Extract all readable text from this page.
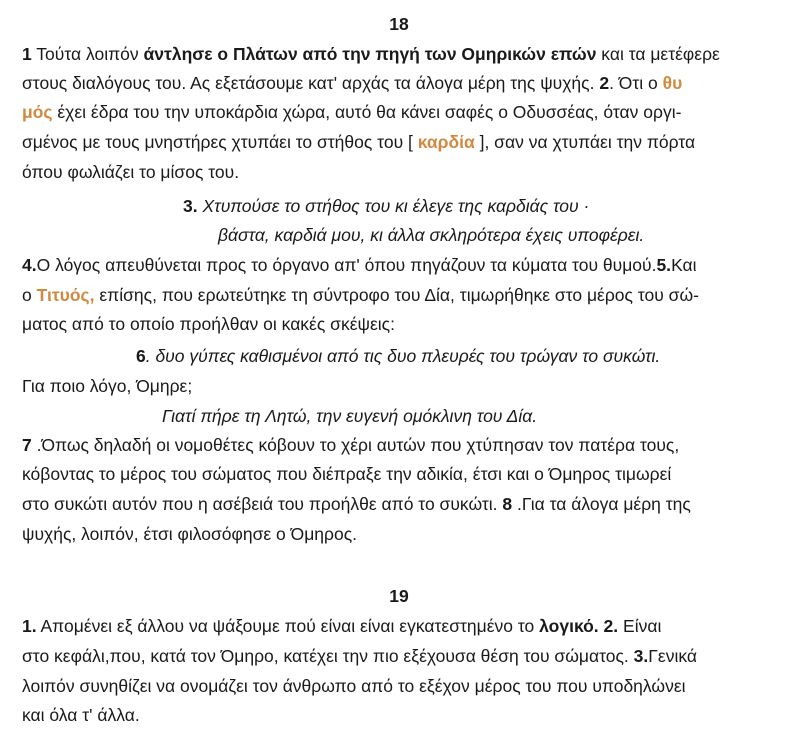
18
1 Τούτα λοιπόν άντλησε ο Πλάτων από την πηγή των Ομηρικών επών και τα μετέφερε
στους διαλόγους του. Ας εξετάσουμε κατ' αρχάς τα άλογα μέρη της ψυχής. 2. Ότι ο θυ
μός έχει έδρα του την υποκάρδια χώρα, αυτό θα κάνει σαφές ο Οδυσσέας, όταν οργι-
σμένος με τους μνηστήρες χτυπάει το στήθος του [ καρδία ], σαν να χτυπάει την πόρτα
όπου φωλιάζει το μίσος του.
3. Χτυπούσε το στήθος του κι έλεγε της καρδιάς του ·
βάστα, καρδιά μου, κι άλλα σκληρότερα έχεις υποφέρει.
4.Ο λόγος απευθύνεται προς το όργανο απ' όπου πηγάζουν τα κύματα του θυμού.5.Και
ο Τιτυός, επίσης, που ερωτεύτηκε τη σύντροφο του Δία, τιμωρήθηκε στο μέρος του σώ-
ματος από το οποίο προήλθαν οι κακές σκέψεις:
6. δυο γύπες καθισμένοι από τις δυο πλευρές του τρώγαν το συκώτι.
Για ποιο λόγο, Όμηρε;
Γιατί πήρε τη Λητώ, την ευγενή ομόκλινη του Δία.
7 .Όπως δηλαδή οι νομοθέτες κόβουν το χέρι αυτών που χτύπησαν τον πατέρα τους,
κόβοντας το μέρος του σώματος που διέπραξε την αδικία, έτσι και ο Όμηρος τιμωρεί
στο συκώτι αυτόν που η ασέβειά του προήλθε από το συκώτι. 8 .Για τα άλογα μέρη της
ψυχής, λοιπόν, έτσι φιλοσόφησε ο Όμηρος.
19
1. Απομένει εξ άλλου να ψάξουμε πού είναι είναι εγκατεστημένο το λογικό. 2. Είναι
στο κεφάλι,που, κατά τον Όμηρο, κατέχει την πιο εξέχουσα θέση του σώματος. 3.Γενικά
λοιπόν συνηθίζει να ονομάζει τον άνθρωπο από το εξέχον μέρος του που υποδηλώνει
και όλα τ' άλλα.
